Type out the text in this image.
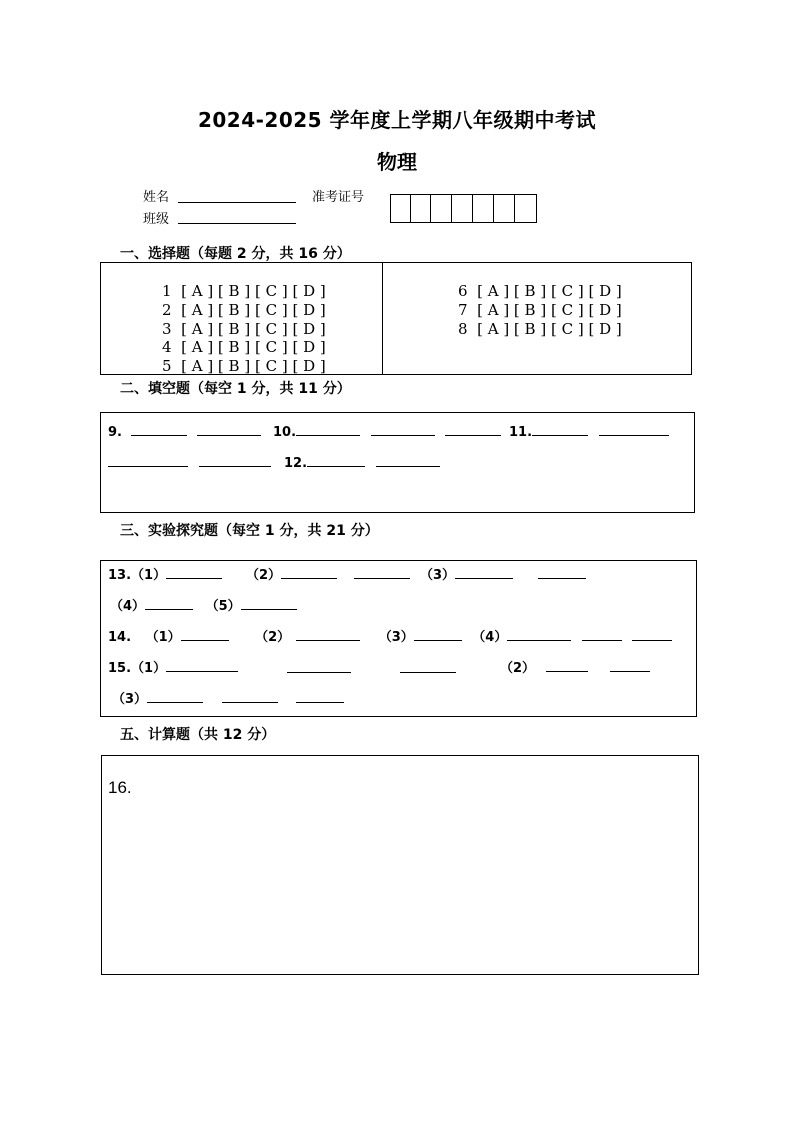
2024-2025 学年度上学期八年级期中考试
物理
姓名
班级
准考证号
一、选择题（每题 2 分，共 16 分）
1 [ A ] [ B ] [ C ] [ D ]
2 [ A ] [ B ] [ C ] [ D ]
3 [ A ] [ B ] [ C ] [ D ]
4 [ A ] [ B ] [ C ] [ D ]
5 [ A ] [ B ] [ C ] [ D ]
6 [ A ] [ B ] [ C ] [ D ]
7 [ A ] [ B ] [ C ] [ D ]
8 [ A ] [ B ] [ C ] [ D ]
二、填空题（每空 1 分，共 11 分）
9.	10.	11.

12.
三、实验探究题（每空 1 分，共 21 分）
13.（1）	（2）	（3）
（4）	（5）
14. （1）	（2）	（3）	（4）
15.（1）
	（2）
（3）
五、计算题（共 12 分）
16.
